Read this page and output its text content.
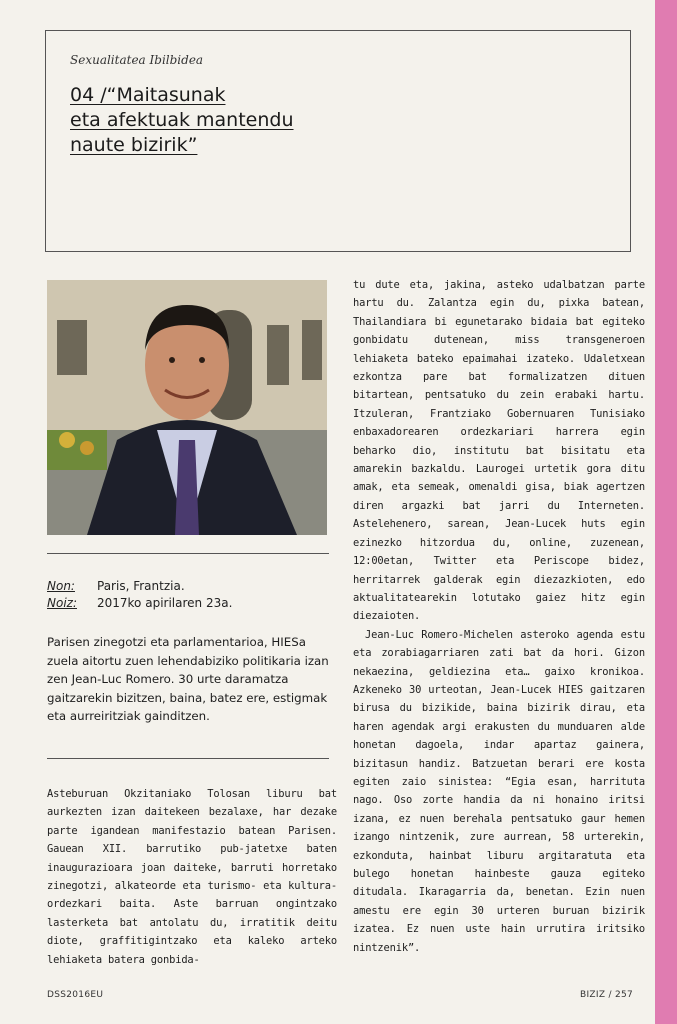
Sexualitatea Ibilbidea
04 /“Maitasunak
eta afektuak mantendu
naute bizirik”
Non:	Paris, Frantzia.
Noiz:	2017ko apirilaren 23a.
Parisen zinegotzi eta parlamentarioa, HIESa zuela aitortu zuen lehendabiziko politikaria izan zen Jean-Luc Romero. 30 urte daramatza gaitzarekin bizitzen, baina, batez ere, estigmak eta aurreiritziak gainditzen.

Asteburuan Okzitaniako Tolosan liburu bat aurkezten izan daitekeen bezalaxe, har dezake parte igandean manifestazio batean Parisen. Gauean XII. barrutiko pub-jatetxe baten inaugurazioara joan daiteke, barruti horretako zinegotzi, alkateorde eta turismo- eta kultura-ordezkari baita. Aste barruan ongintzako lasterketa bat antolatu du, irratitik deitu diote, graffitigintzako eta kaleko arteko lehiaketa batera gonbida-

tu dute eta, jakina, asteko udalbatzan parte hartu du. Zalantza egin du, pixka batean, Thailandiara bi egunetarako bidaia bat egiteko gonbidatu dutenean, miss transgeneroen lehiaketa bateko epaimahai izateko. Udaletxean ezkontza pare bat formalizatzen dituen bitartean, pentsatuko du zein erabaki hartu. Itzuleran, Frantziako Gobernuaren Tunisiako enbaxadorearen ordezkariari harrera egin beharko dio, institutu bat bisitatu eta amarekin bazkaldu. Laurogei urtetik gora ditu amak, eta semeak, omenaldi gisa, biak agertzen diren argazki bat jarri du Interneten. Astelehenero, sarean, Jean-Lucek huts egin ezinezko hitzordua du, online, zuzenean, 12:00etan, Twitter eta Periscope bidez, herritarrek galderak egin diezazkioten, edo aktualitatearekin lotutako gaiez hitz egin diezaioten.

Jean-Luc Romero-Michelen asteroko agenda estu eta zorabiagarriaren zati bat da hori. Gizon nekaezina, geldiezina eta… gaixo kronikoa. Azkeneko 30 urteotan, Jean-Lucek HIES gaitzaren birusa du bizikide, baina bizirik dirau, eta haren agendak argi erakusten du munduaren alde honetan dagoela, indar apartaz gainera, bizitasun handiz. Batzuetan berari ere kosta egiten zaio sinistea: “Egia esan, harrituta nago. Oso zorte handia da ni honaino iritsi izana, ez nuen berehala pentsatuko gaur hemen izango nintzenik, zure aurrean, 58 urterekin, ezkonduta, hainbat liburu argitaratuta eta bulego honetan hainbeste gauza egiteko ditudala. Ikaragarria da, benetan. Ezin nuen amestu ere egin 30 urteren buruan bizirik izatea. Ez nuen uste hain urrutira iritsiko nintzenik”.

DSS2016EU	BIZIZ / 257
